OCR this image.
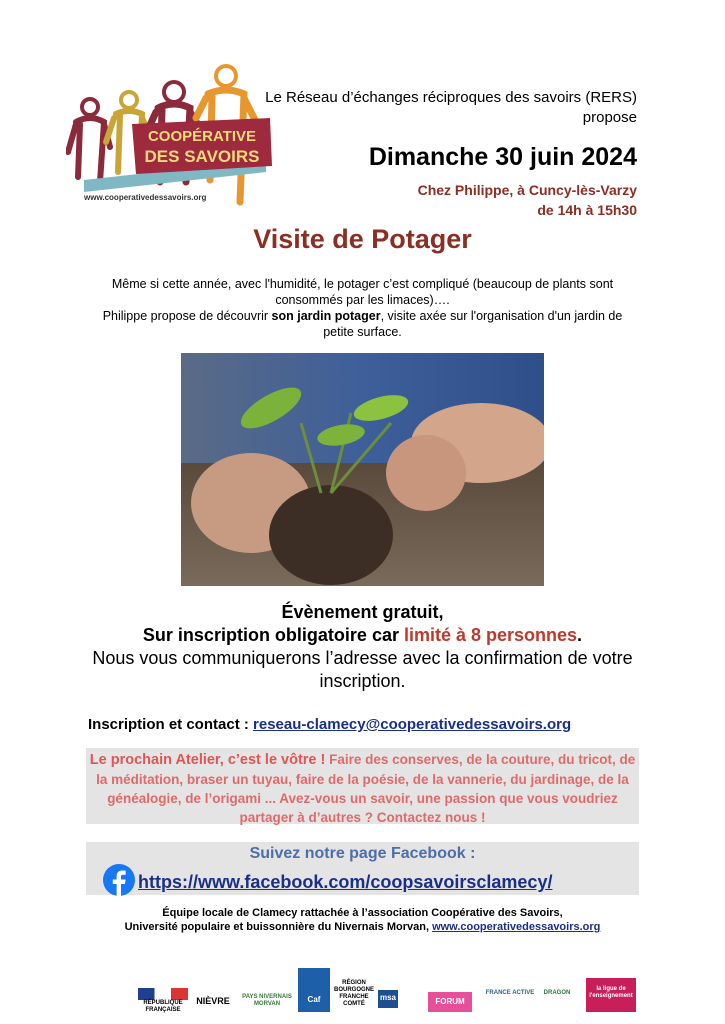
COOPÉRATIVE
DES SAVOIRS
www.cooperativedessavoirs.org
Le Réseau d’échanges réciproques des savoirs (RERS) propose
Dimanche 30 juin 2024
Chez Philippe, à Cuncy-lès-Varzy
de 14h à 15h30
Visite de Potager
Même si cette année, avec l'humidité, le potager c’est compliqué (beaucoup de plants sont consommés par les limaces)….
Philippe propose de découvrir son jardin potager, visite axée sur l'organisation d'un jardin de petite surface.
Évènement gratuit,
Sur inscription obligatoire car limité à 8 personnes.
Nous vous communiquerons l’adresse avec la confirmation de votre inscription.
Inscription et contact : reseau-clamecy@cooperativedessavoirs.org
Le prochain Atelier, c’est le vôtre ! Faire des conserves, de la couture, du tricot, de la méditation, braser un tuyau, faire de la poésie, de la vannerie, du jardinage, de la généalogie, de l’origami ... Avez-vous un savoir, une passion que vous voudriez partager à d’autres ? Contactez nous !
Suivez notre page Facebook :
https://www.facebook.com/coopsavoirsclamecy/
Équipe locale de Clamecy rattachée à l’association Coopérative des Savoirs,
Université populaire et buissonnière du Nivernais Morvan, www.cooperativedessavoirs.org
RÉPUBLIQUE FRANÇAISE
NIÈVRE	PAYS NIVERNAIS MORVAN	Caf
RÉGION BOURGOGNE FRANCHE COMTÉ
msa	FORUM
FRANCE ACTIVE	DRAGON
la ligue de l'enseignement
